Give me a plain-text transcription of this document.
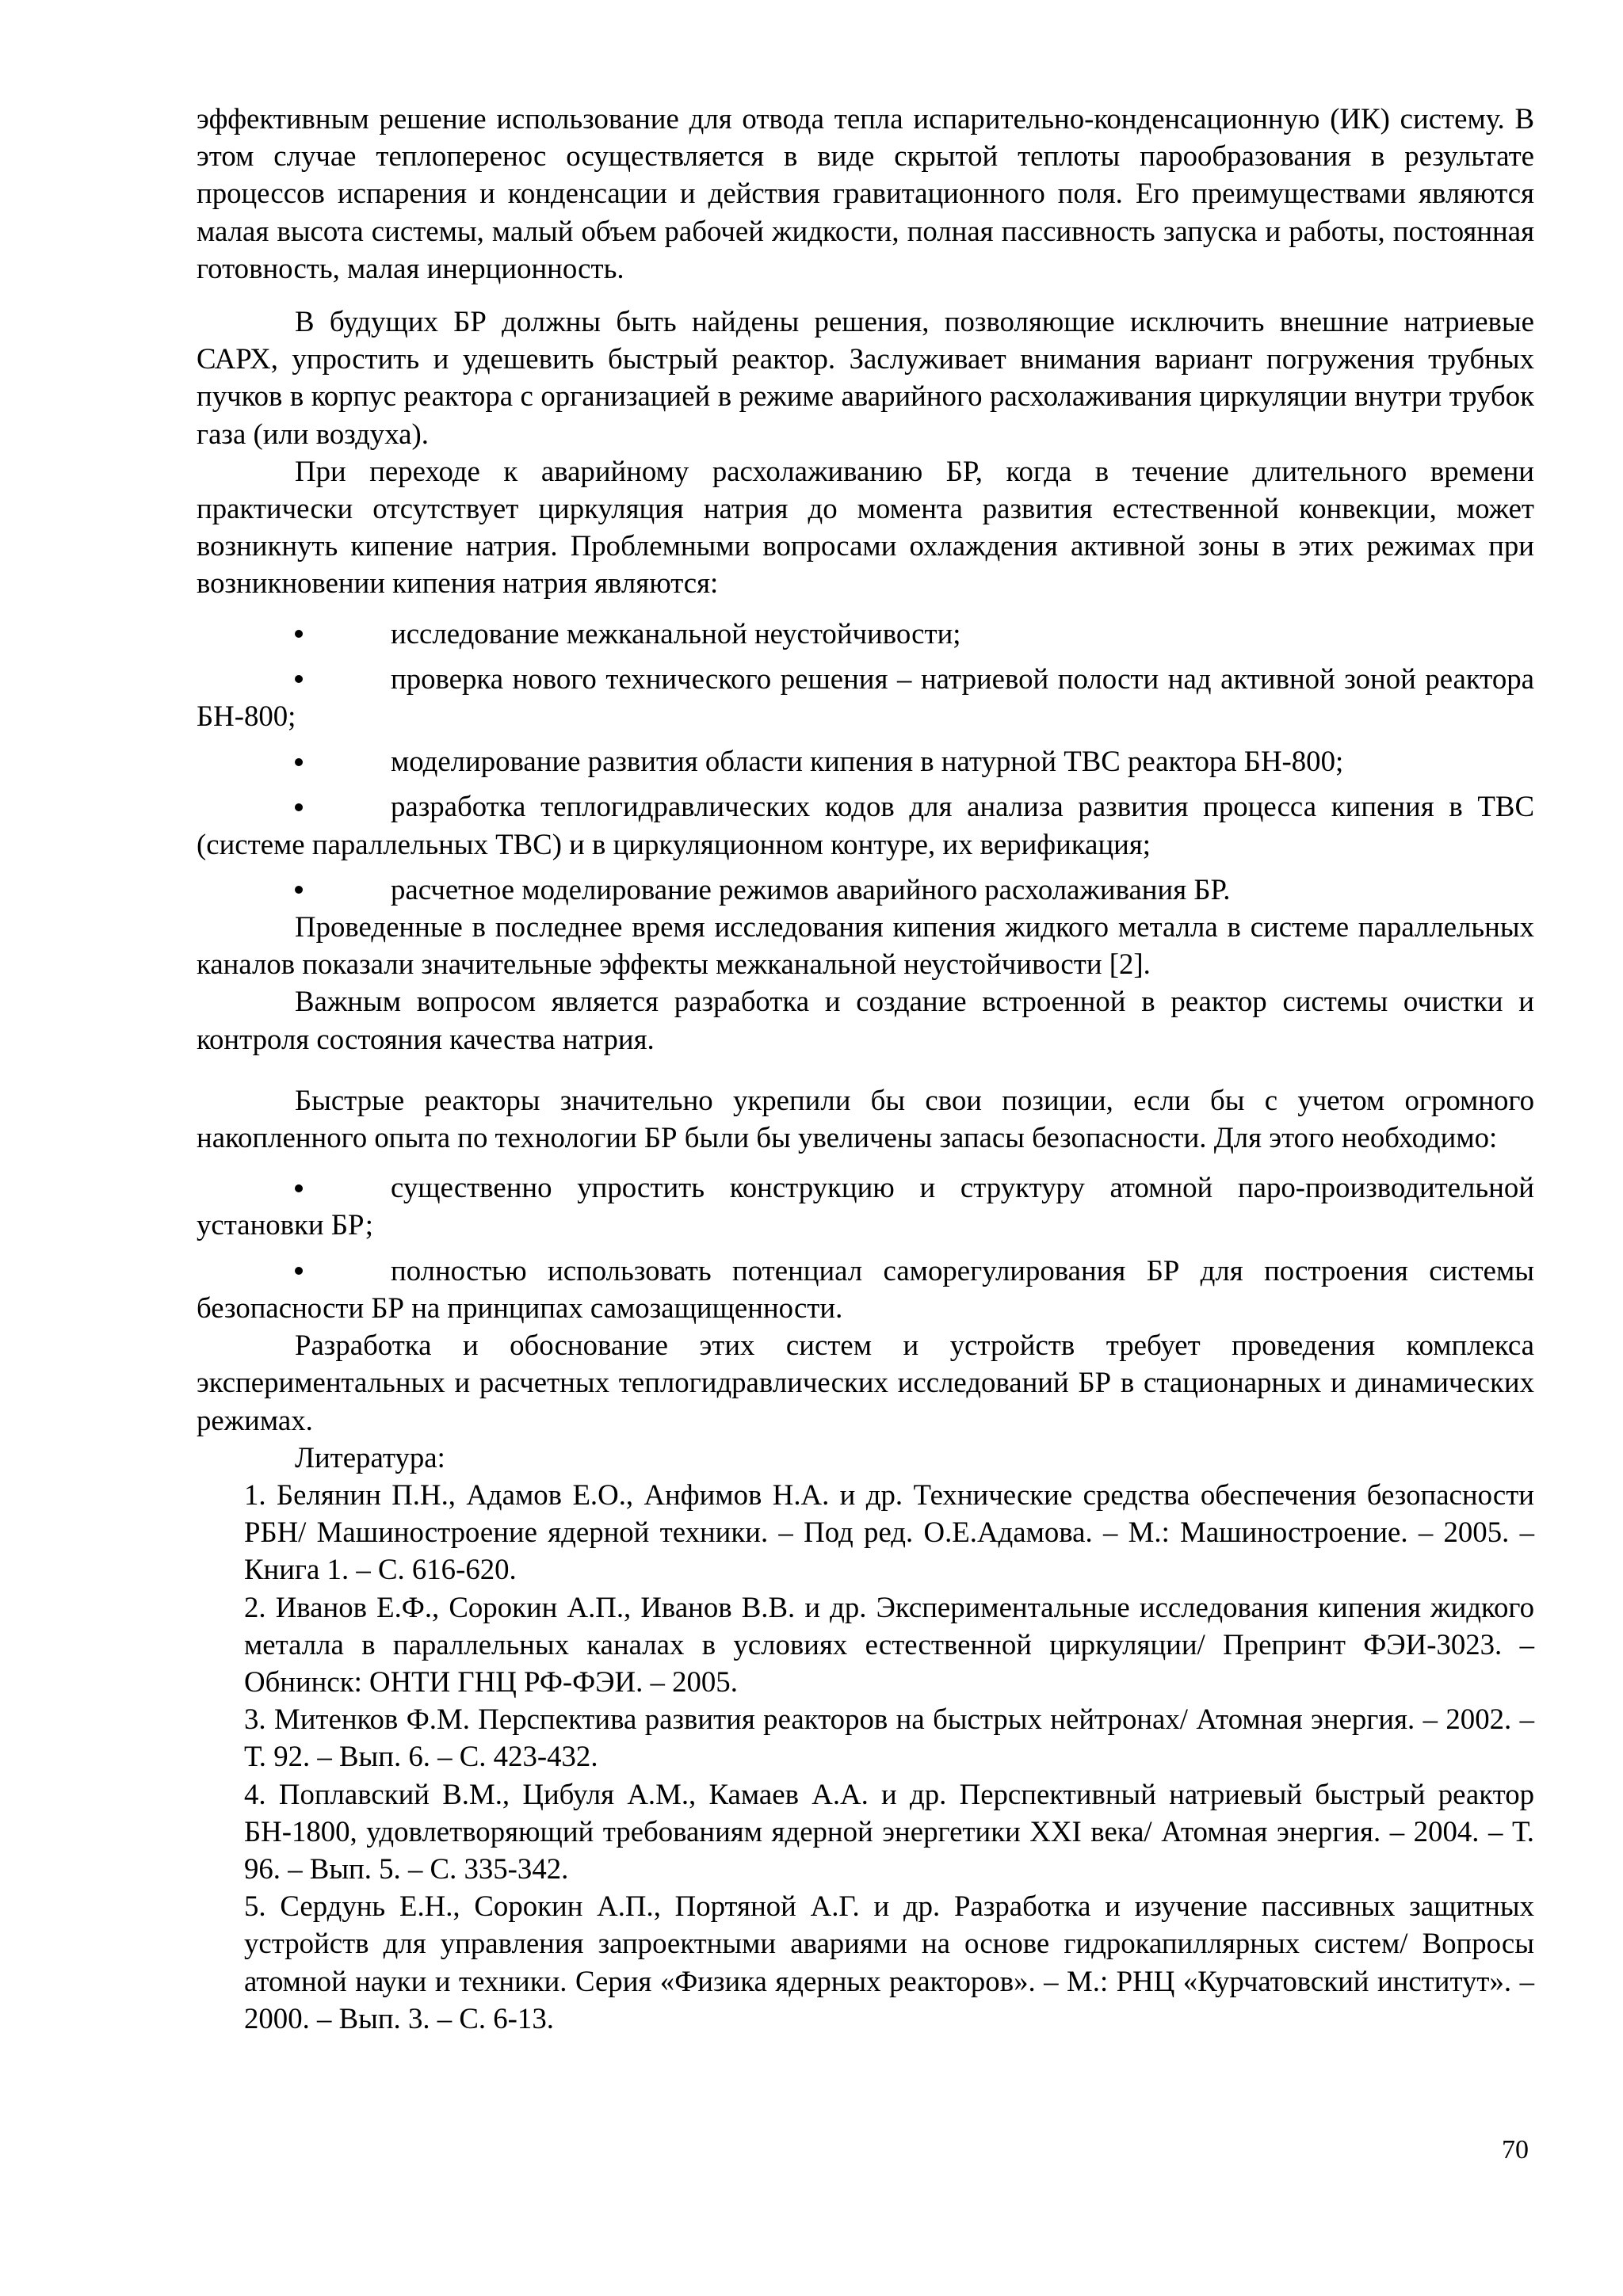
эффективным решение использование для отвода тепла испарительно-конденсационную (ИК) систему. В этом случае теплоперенос осуществляется в виде скрытой теплоты парообразования в результате процессов испарения и конденсации и действия гравитационного поля. Его преимуществами являются малая высота системы, малый объем рабочей жидкости, полная пассивность запуска и работы, постоянная готовность, малая инерционность.

В будущих БР должны быть найдены решения, позволяющие исключить внешние натриевые САРХ, упростить и удешевить быстрый реактор. Заслуживает внимания вариант погружения трубных пучков в корпус реактора с организацией в режиме аварийного расхолаживания циркуляции внутри трубок газа (или воздуха).

При переходе к аварийному расхолаживанию БР, когда в течение длительного времени практически отсутствует циркуляция натрия до момента развития естественной конвекции, может возникнуть кипение натрия. Проблемными вопросами охлаждения активной зоны в этих режимах при возникновении кипения натрия являются:

исследование межканальной неустойчивости;

проверка нового технического решения – натриевой полости над активной зоной реактора БН-800;

моделирование развития области кипения в натурной ТВС реактора БН-800;

разработка теплогидравлических кодов для анализа развития процесса кипения в ТВС (системе параллельных ТВС) и в циркуляционном контуре, их верификация;

расчетное моделирование режимов аварийного расхолаживания БР.

Проведенные в последнее время исследования кипения жидкого металла в системе параллельных каналов показали значительные эффекты межканальной неустойчивости [2].

Важным вопросом является разработка и создание встроенной в реактор системы очистки и контроля состояния качества натрия.

Быстрые реакторы значительно укрепили бы свои позиции, если бы с учетом огромного накопленного опыта по технологии БР были бы увеличены запасы безопасности. Для этого необходимо:

существенно упростить конструкцию и структуру атомной паро-производительной установки БР;

полностью использовать потенциал саморегулирования БР для построения системы безопасности БР на принципах самозащищенности.

Разработка и обоснование этих систем и устройств требует проведения комплекса экспериментальных и расчетных теплогидравлических исследований БР в стационарных и динамических режимах.

Литература:

1. Белянин П.Н., Адамов Е.О., Анфимов Н.А. и др. Технические средства обеспечения безопасности РБН/ Машиностроение ядерной техники. – Под ред. О.Е.Адамова. – М.: Машиностроение. – 2005. – Книга 1. – С. 616-620.

2. Иванов Е.Ф., Сорокин А.П., Иванов В.В. и др. Экспериментальные исследования кипения жидкого металла в параллельных каналах в условиях естественной циркуляции/ Препринт ФЭИ-3023. – Обнинск: ОНТИ ГНЦ РФ-ФЭИ. – 2005.

3. Митенков Ф.М. Перспектива развития реакторов на быстрых нейтронах/ Атомная энергия. – 2002. – Т. 92. – Вып. 6. – С. 423-432.

4. Поплавский В.М., Цибуля А.М., Камаев А.А. и др. Перспективный натриевый быстрый реактор БН-1800, удовлетворяющий требованиям ядерной энергетики XXI века/ Атомная энергия. – 2004. – Т. 96. – Вып. 5. – С. 335-342.

5. Сердунь Е.Н., Сорокин А.П., Портяной А.Г. и др. Разработка и изучение пассивных защитных устройств для управления запроектными авариями на основе гидрокапиллярных систем/ Вопросы атомной науки и техники. Серия «Физика ядерных реакторов». – М.: РНЦ «Курчатовский институт». – 2000. – Вып. 3. – С. 6-13.

70
